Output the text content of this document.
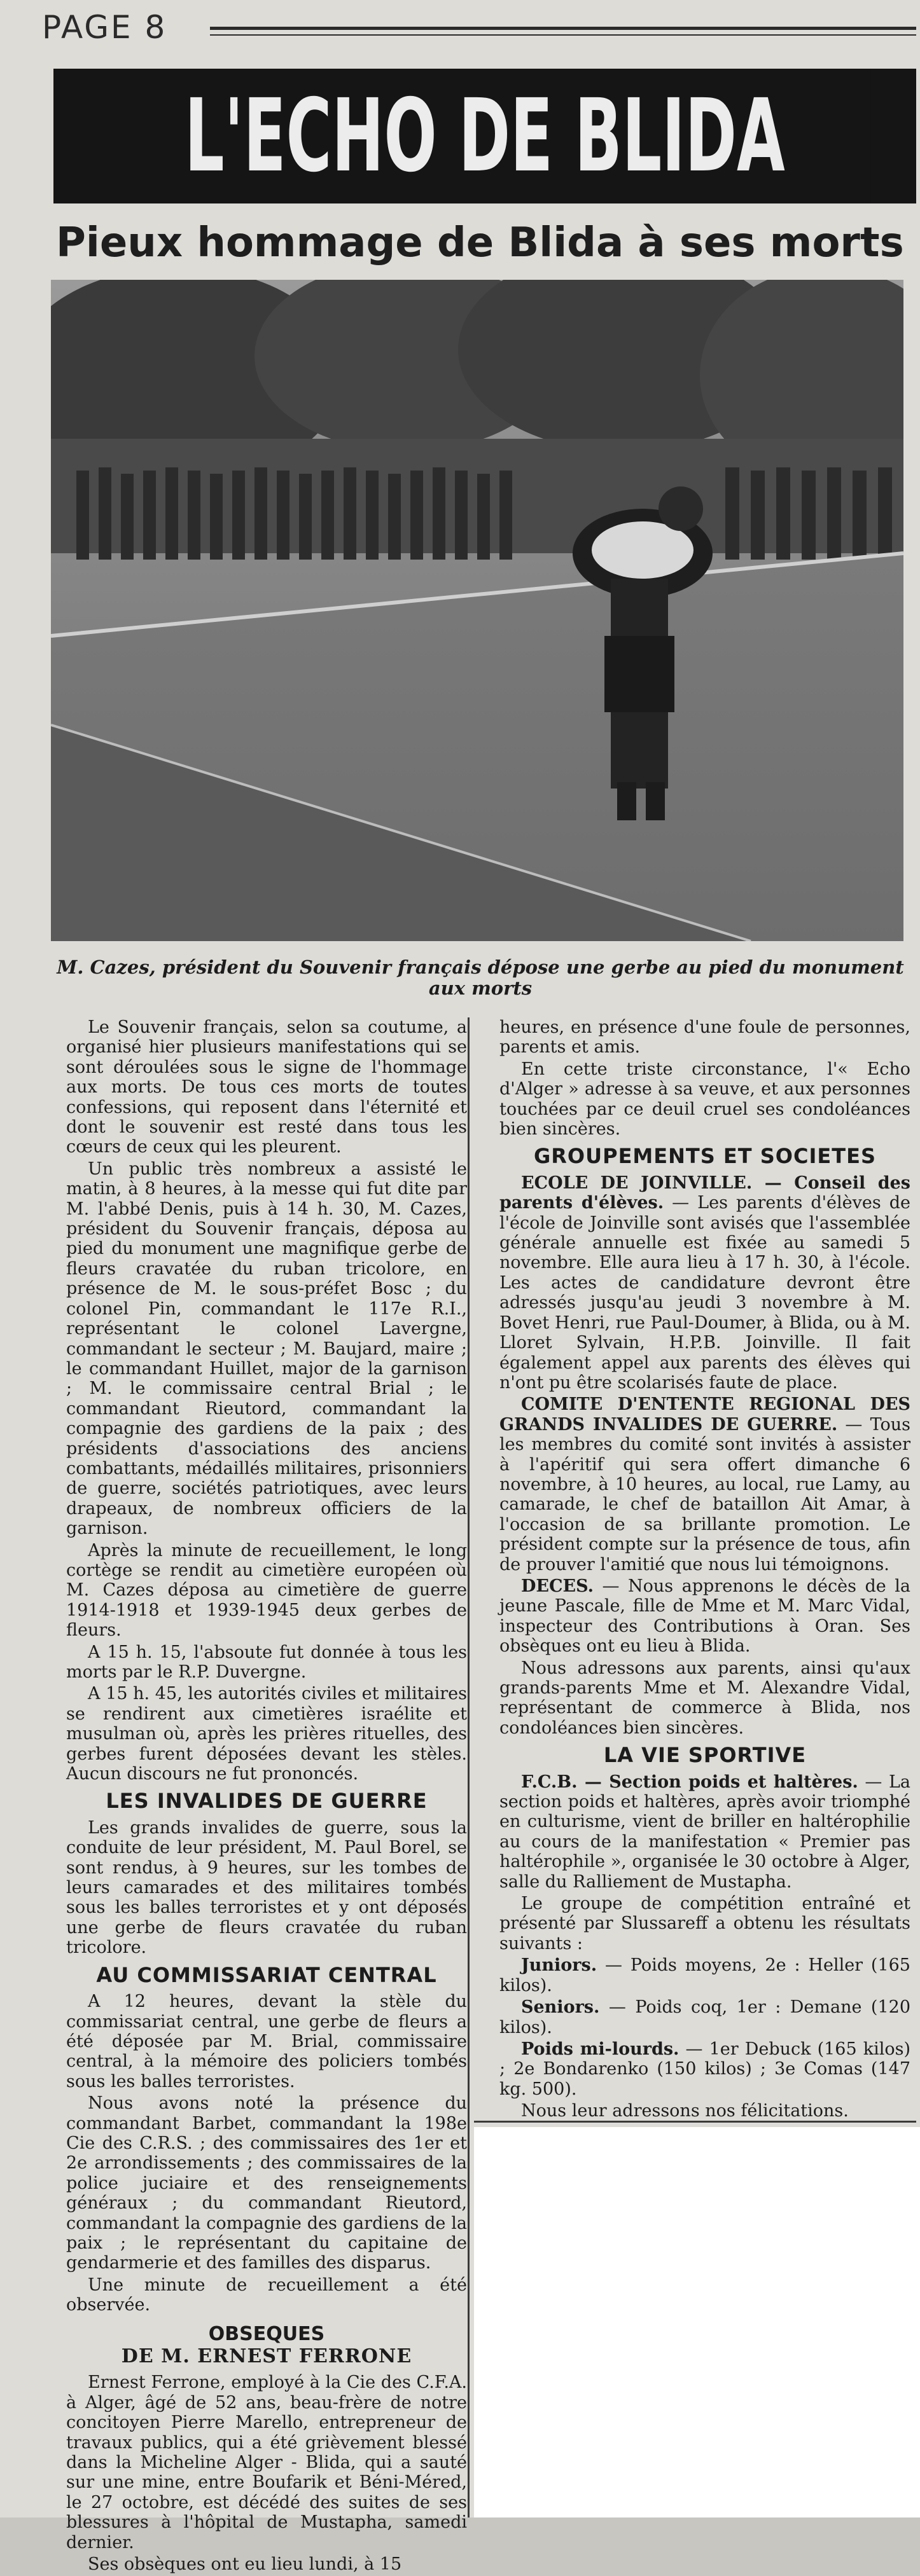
PAGE 8
L'ECHO DE BLIDA
Pieux hommage de Blida à ses morts
M. Cazes, président du Souvenir français dépose une gerbe au pied du monument aux morts

Le Souvenir français, selon sa coutume, a organisé hier plusieurs manifestations qui se sont déroulées sous le signe de l'hommage aux morts. De tous ces morts de toutes confessions, qui reposent dans l'éternité et dont le souvenir est resté dans tous les cœurs de ceux qui les pleurent.

Un public très nombreux a assisté le matin, à 8 heures, à la messe qui fut dite par M. l'abbé Denis, puis à 14 h. 30, M. Cazes, président du Souvenir français, déposa au pied du monument une magnifique gerbe de fleurs cravatée du ruban tricolore, en présence de M. le sous-préfet Bosc ; du colonel Pin, commandant le 117e R.I., représentant le colonel Lavergne, commandant le secteur ; M. Baujard, maire ; le commandant Huillet, major de la garnison ; M. le commissaire central Brial ; le commandant Rieutord, commandant la compagnie des gardiens de la paix ; des présidents d'associations des anciens combattants, médaillés militaires, prisonniers de guerre, sociétés patriotiques, avec leurs drapeaux, de nombreux officiers de la garnison.

Après la minute de recueillement, le long cortège se rendit au cimetière européen où M. Cazes déposa au cimetière de guerre 1914-1918 et 1939-1945 deux gerbes de fleurs.

A 15 h. 15, l'absoute fut donnée à tous les morts par le R.P. Duvergne.

A 15 h. 45, les autorités civiles et militaires se rendirent aux cimetières israélite et musulman où, après les prières rituelles, des gerbes furent déposées devant les stèles. Aucun discours ne fut prononcés.

LES INVALIDES DE GUERRE

Les grands invalides de guerre, sous la conduite de leur président, M. Paul Borel, se sont rendus, à 9 heures, sur les tombes de leurs camarades et des militaires tombés sous les balles terroristes et y ont déposés une gerbe de fleurs cravatée du ruban tricolore.

AU COMMISSARIAT CENTRAL

A 12 heures, devant la stèle du commissariat central, une gerbe de fleurs a été déposée par M. Brial, commissaire central, à la mémoire des policiers tombés sous les balles terroristes.

Nous avons noté la présence du commandant Barbet, commandant la 198e Cie des C.R.S. ; des commissaires des 1er et 2e arrondissements ; des commissaires de la police juciaire et des renseignements généraux ; du commandant Rieutord, commandant la compagnie des gardiens de la paix ; le représentant du capitaine de gendarmerie et des familles des disparus.

Une minute de recueillement a été observée.

OBSEQUES
DE M. ERNEST FERRONE

Ernest Ferrone, employé à la Cie des C.F.A. à Alger, âgé de 52 ans, beau-frère de notre concitoyen Pierre Marello, entrepreneur de travaux publics, qui a été grièvement blessé dans la Micheline Alger - Blida, qui a sauté sur une mine, entre Boufarik et Béni-Méred, le 27 octobre, est décédé des suites de ses blessures à l'hôpital de Mustapha, samedi dernier.

Ses obsèques ont eu lieu lundi, à 15

heures, en présence d'une foule de personnes, parents et amis.

En cette triste circonstance, l'« Echo d'Alger » adresse à sa veuve, et aux personnes touchées par ce deuil cruel ses condoléances bien sincères.

GROUPEMENTS ET SOCIETES

ECOLE DE JOINVILLE. — Conseil des parents d'élèves. — Les parents d'élèves de l'école de Joinville sont avisés que l'assemblée générale annuelle est fixée au samedi 5 novembre. Elle aura lieu à 17 h. 30, à l'école. Les actes de candidature devront être adressés jusqu'au jeudi 3 novembre à M. Bovet Henri, rue Paul-Doumer, à Blida, ou à M. Lloret Sylvain, H.P.B. Joinville. Il fait également appel aux parents des élèves qui n'ont pu être scolarisés faute de place.

COMITE D'ENTENTE REGIONAL DES GRANDS INVALIDES DE GUERRE. — Tous les membres du comité sont invités à assister à l'apéritif qui sera offert dimanche 6 novembre, à 10 heures, au local, rue Lamy, au camarade, le chef de bataillon Ait Amar, à l'occasion de sa brillante promotion. Le président compte sur la présence de tous, afin de prouver l'amitié que nous lui témoignons.

DECES. — Nous apprenons le décès de la jeune Pascale, fille de Mme et M. Marc Vidal, inspecteur des Contributions à Oran. Ses obsèques ont eu lieu à Blida.

Nous adressons aux parents, ainsi qu'aux grands-parents Mme et M. Alexandre Vidal, représentant de commerce à Blida, nos condoléances bien sincères.

LA VIE SPORTIVE

F.C.B. — Section poids et haltères. — La section poids et haltères, après avoir triomphé en culturisme, vient de briller en haltérophilie au cours de la manifestation « Premier pas haltérophile », organisée le 30 octobre à Alger, salle du Ralliement de Mustapha.

Le groupe de compétition entraîné et présenté par Slussareff a obtenu les résultats suivants :

Juniors. — Poids moyens, 2e : Heller (165 kilos).

Seniors. — Poids coq, 1er : Demane (120 kilos).

Poids mi-lourds. — 1er Debuck (165 kilos) ; 2e Bondarenko (150 kilos) ; 3e Comas (147 kg. 500).

Nous leur adressons nos félicitations.
